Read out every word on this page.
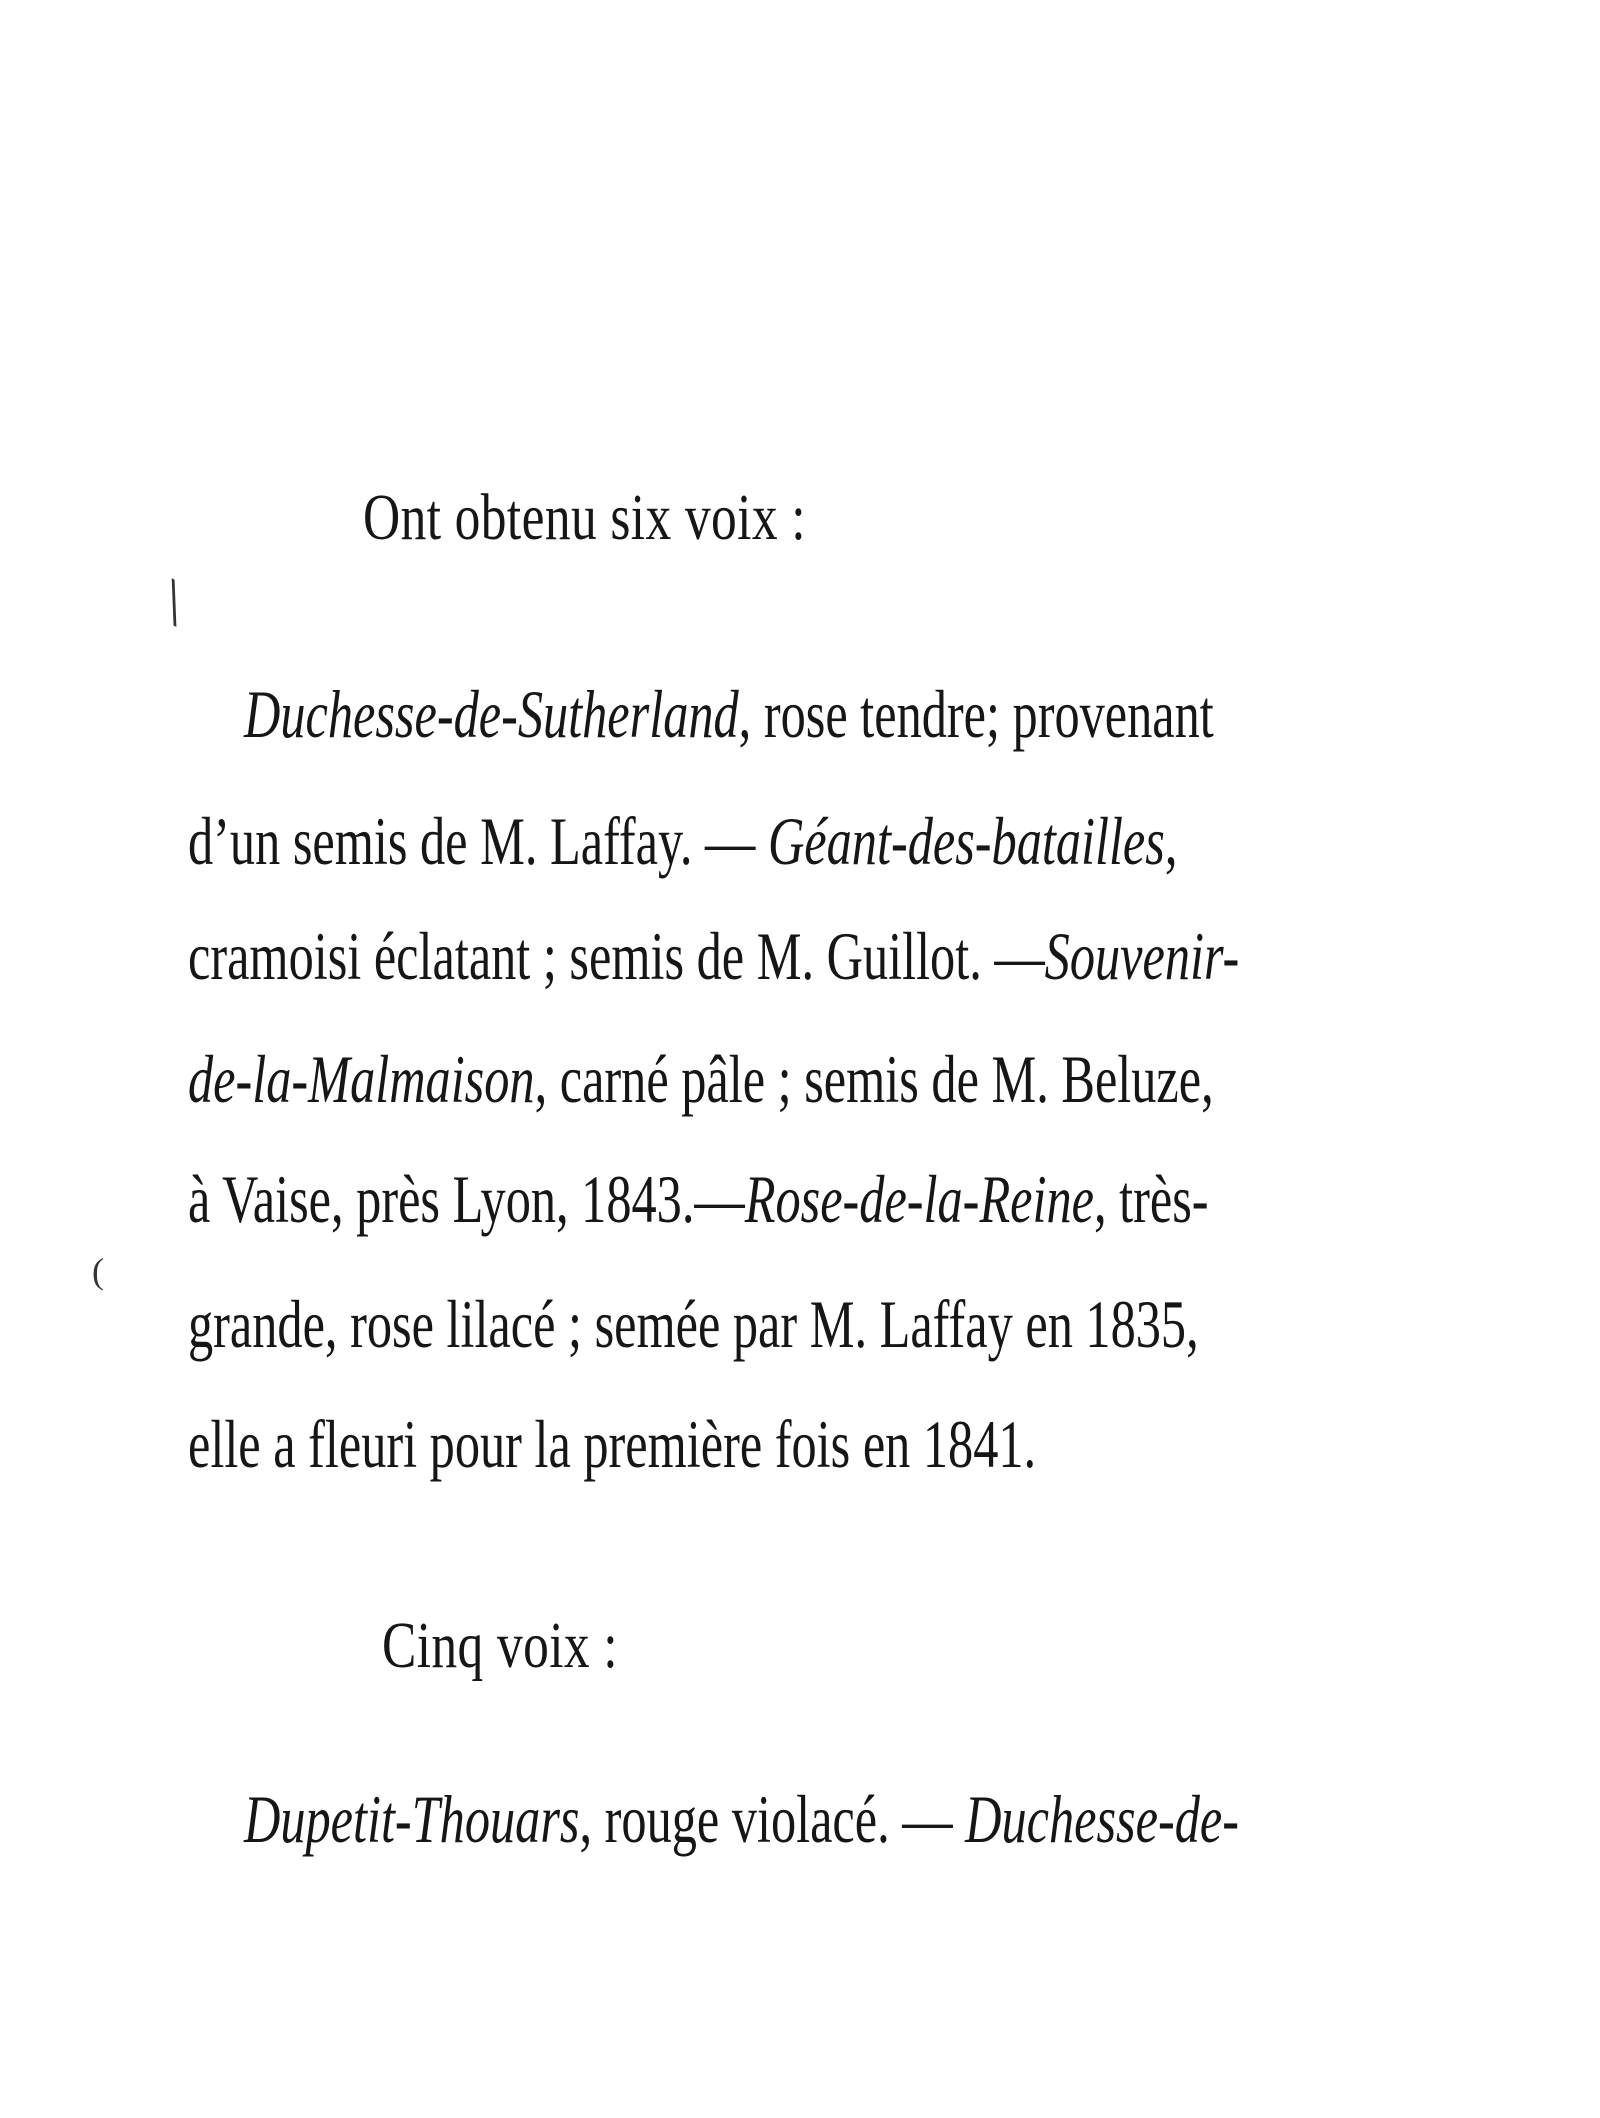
Ont obtenu six voix :
Duchesse-de-Sutherland, rose tendre; provenant
d’un semis de M. Laffay. — Géant-des-batailles,
cramoisi éclatant ; semis de M. Guillot. —Souvenir-
de-la-Malmaison, carné pâle ; semis de M. Beluze,
à Vaise, près Lyon, 1843.—Rose-de-la-Reine, très-
grande, rose lilacé ; semée par M. Laffay en 1835,
elle a fleuri pour la première fois en 1841.
Cinq voix :
Dupetit-Thouars, rouge violacé. — Duchesse-de-
╲
(
